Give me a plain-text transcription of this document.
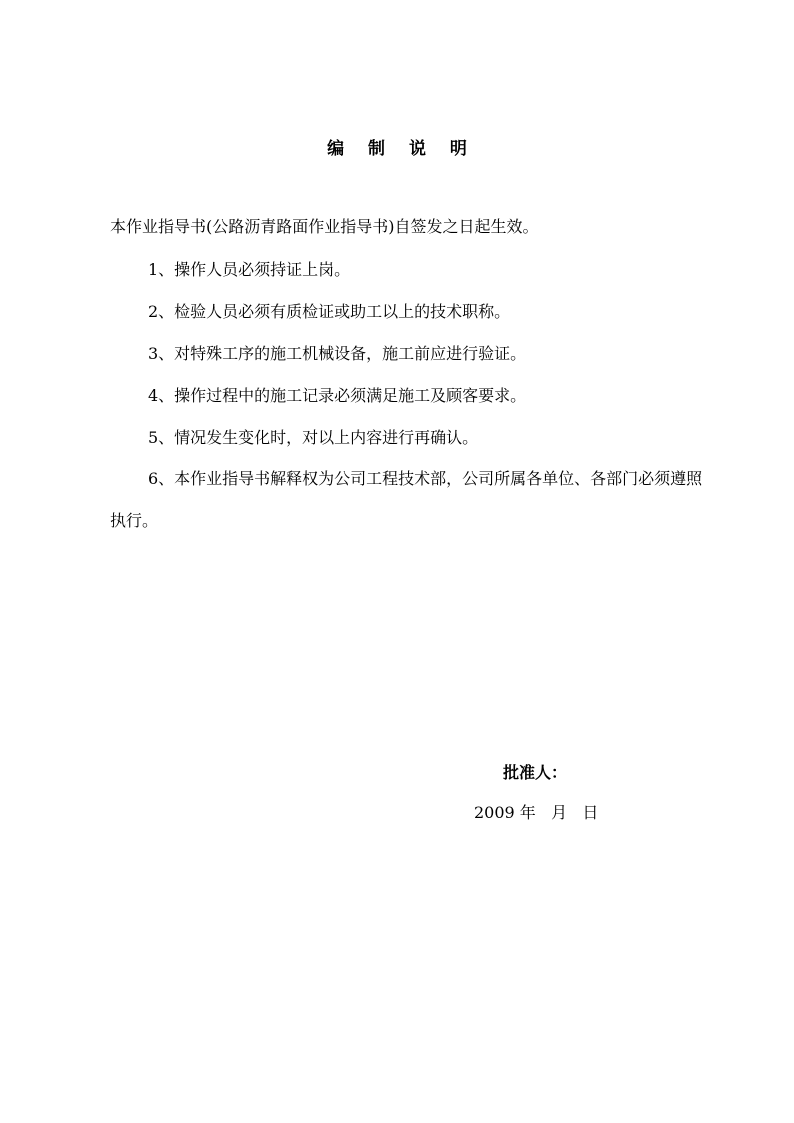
编 制 说 明
本作业指导书(公路沥青路面作业指导书)自签发之日起生效。
1、操作人员必须持证上岗。
2、检验人员必须有质检证或助工以上的技术职称。
3、对特殊工序的施工机械设备，施工前应进行验证。
4、操作过程中的施工记录必须满足施工及顾客要求。
5、情况发生变化时，对以上内容进行再确认。
6、本作业指导书解释权为公司工程技术部，公司所属各单位、各部门必须遵照执行。
批准人：
2009 年   月   日
